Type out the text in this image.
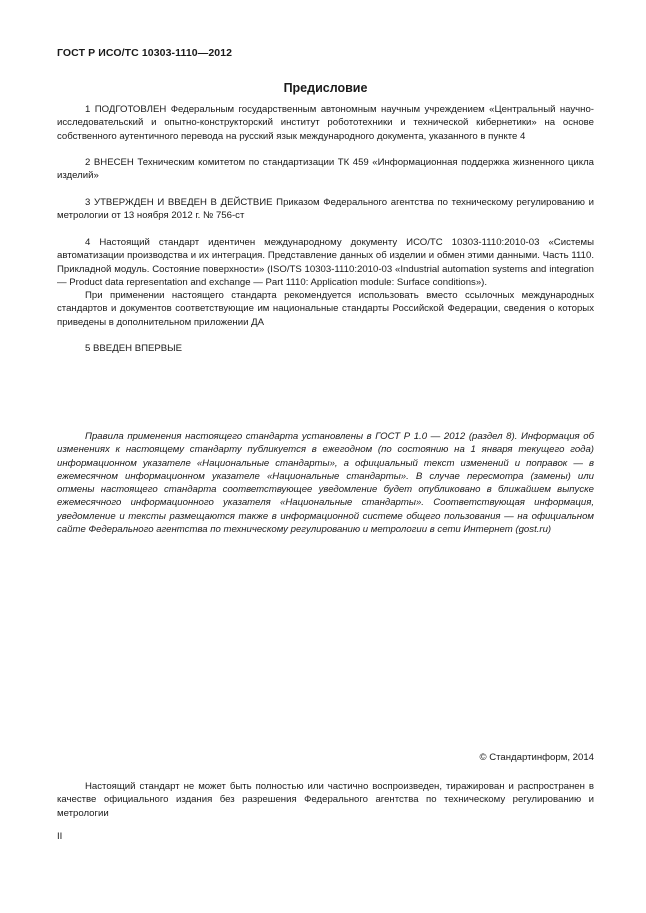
ГОСТ Р ИСО/ТС 10303-1110—2012
Предисловие

1 ПОДГОТОВЛЕН Федеральным государственным автономным научным учреждением «Центральный научно-исследовательский и опытно-конструкторский институт робототехники и технической кибернетики» на основе собственного аутентичного перевода на русский язык международного документа, указанного в пункте 4

2 ВНЕСЕН Техническим комитетом по стандартизации ТК 459 «Информационная поддержка жизненного цикла изделий»

3 УТВЕРЖДЕН И ВВЕДЕН В ДЕЙСТВИЕ Приказом Федерального агентства по техническому регулированию и метрологии от 13 ноября 2012 г. № 756-ст

4 Настоящий стандарт идентичен международному документу ИСО/ТС 10303-1110:2010-03 «Системы автоматизации производства и их интеграция. Представление данных об изделии и обмен этими данными. Часть 1110. Прикладной модуль. Состояние поверхности» (ISO/TS 10303-1110:2010-03 «Industrial automation systems and integration — Product data representation and exchange — Part 1110: Application module: Surface conditions»).

При применении настоящего стандарта рекомендуется использовать вместо ссылочных международных стандартов и документов соответствующие им национальные стандарты Российской Федерации, сведения о которых приведены в дополнительном приложении ДА

5 ВВЕДЕН ВПЕРВЫЕ

Правила применения настоящего стандарта установлены в ГОСТ Р 1.0 — 2012 (раздел 8). Информация об изменениях к настоящему стандарту публикуется в ежегодном (по состоянию на 1 января текущего года) информационном указателе «Национальные стандарты», а официальный текст изменений и поправок — в ежемесячном информационном указателе «Национальные стандарты». В случае пересмотра (замены) или отмены настоящего стандарта соответствующее уведомление будет опубликовано в ближайшем выпуске ежемесячного информационного указателя «Национальные стандарты». Соответствующая информация, уведомление и тексты размещаются также в информационной системе общего пользования — на официальном сайте Федерального агентства по техническому регулированию и метрологии в сети Интернет (gost.ru)

© Стандартинформ, 2014

Настоящий стандарт не может быть полностью или частично воспроизведен, тиражирован и распространен в качестве официального издания без разрешения Федерального агентства по техническому регулированию и метрологии

II
